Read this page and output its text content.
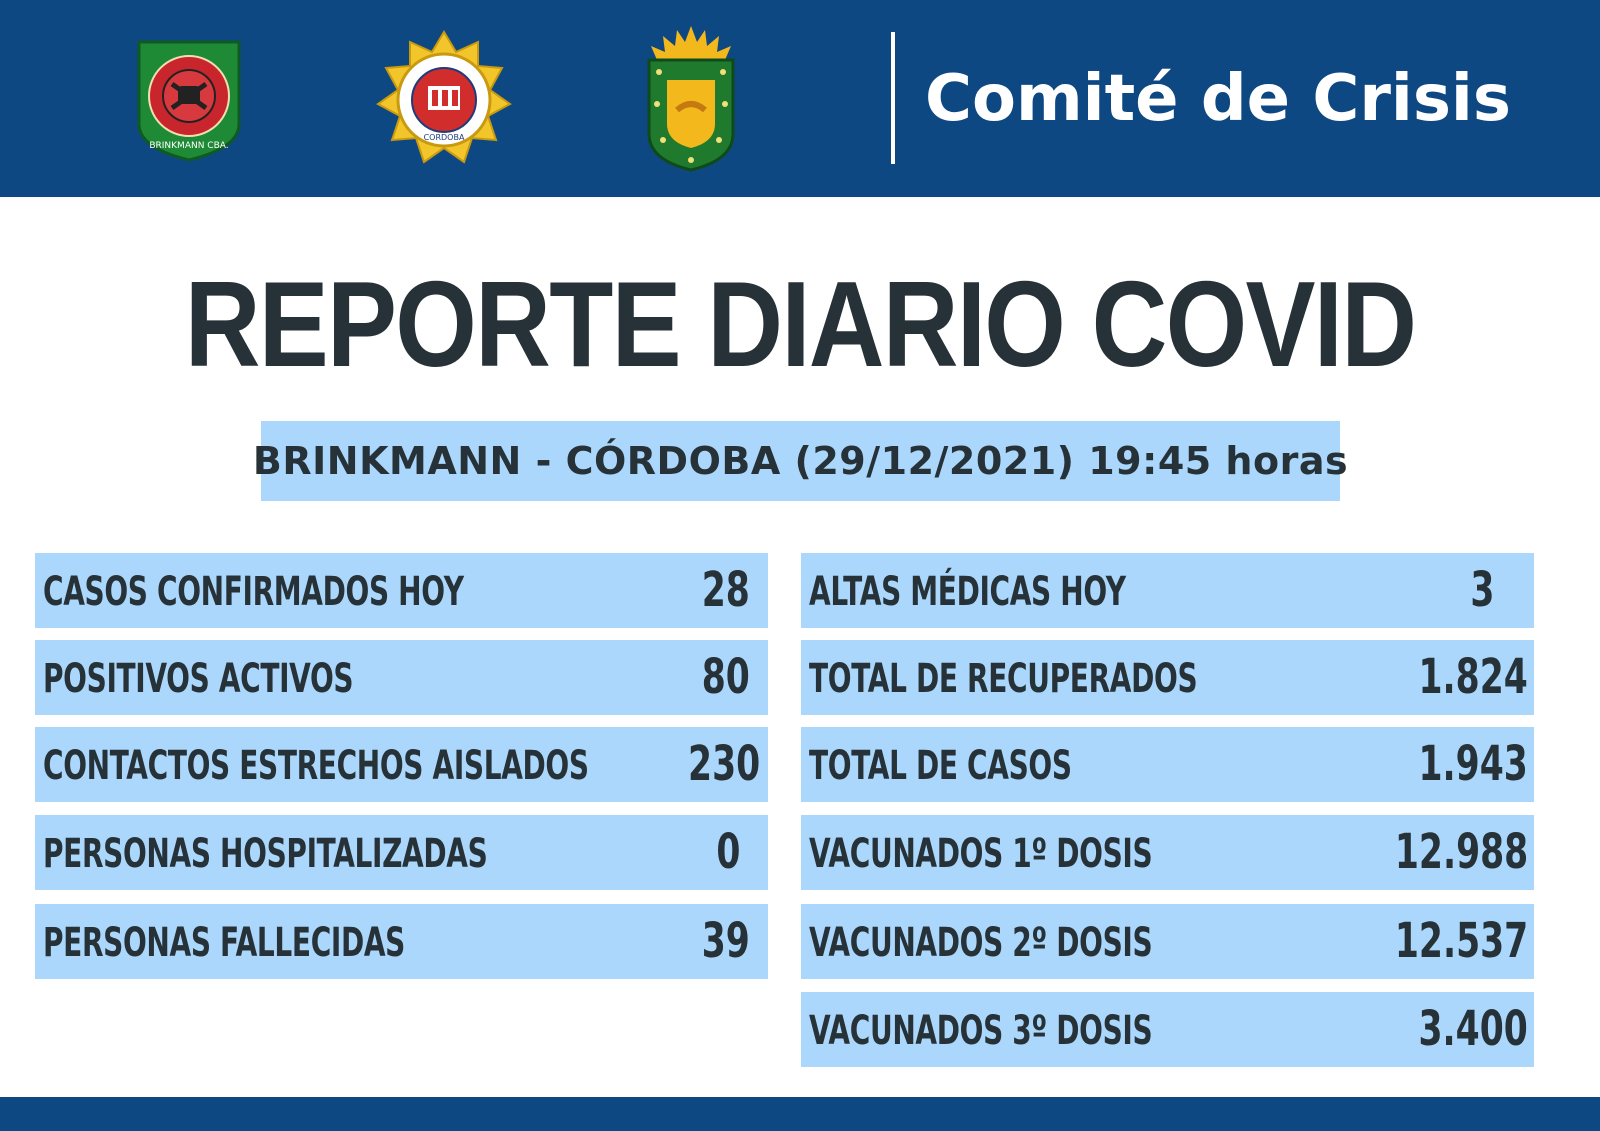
BRINKMANN CBA.
CORDOBA
Comité de Crisis
REPORTE DIARIO COVID
BRINKMANN - CÓRDOBA (29/12/2021) 19:45 horas
CASOS CONFIRMADOS HOY	28
POSITIVOS ACTIVOS	80
CONTACTOS ESTRECHOS AISLADOS 230
PERSONAS HOSPITALIZADAS	0
PERSONAS FALLECIDAS	39
ALTAS MÉDICAS HOY	3
TOTAL DE RECUPERADOS	1.824
TOTAL DE CASOS	1.943
VACUNADOS 1º DOSIS	12.988
VACUNADOS 2º DOSIS	12.537
VACUNADOS 3º DOSIS	3.400
